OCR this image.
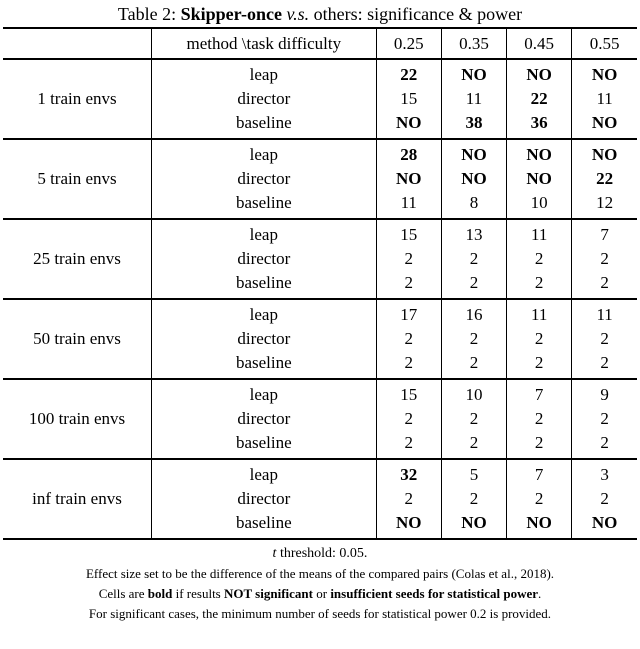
Table 2: Skipper-once v.s. others: significance & power
	method \task difficulty	0.25	0.35	0.45	0.55
	leap	22	NO	NO	NO
1 train envs	director	15	11	22	11
	baseline	NO	38	36	NO
	leap	28	NO	NO	NO
5 train envs	director	NO	NO	NO	22
	baseline	11	8	10	12
	leap	15	13	11	7
25 train envs	director	2	2	2	2
	baseline	2	2	2	2
	leap	17	16	11	11
50 train envs	director	2	2	2	2
	baseline	2	2	2	2
	leap	15	10	7	9
100 train envs	director	2	2	2	2
	baseline	2	2	2	2
	leap	32	5	7	3
inf train envs	director	2	2	2	2
	baseline	NO	NO	NO	NO
t threshold: 0.05.
Effect size set to be the difference of the means of the compared pairs (Colas et al., 2018).
Cells are bold if results NOT significant or insufficient seeds for statistical power.
For significant cases, the minimum number of seeds for statistical power 0.2 is provided.
